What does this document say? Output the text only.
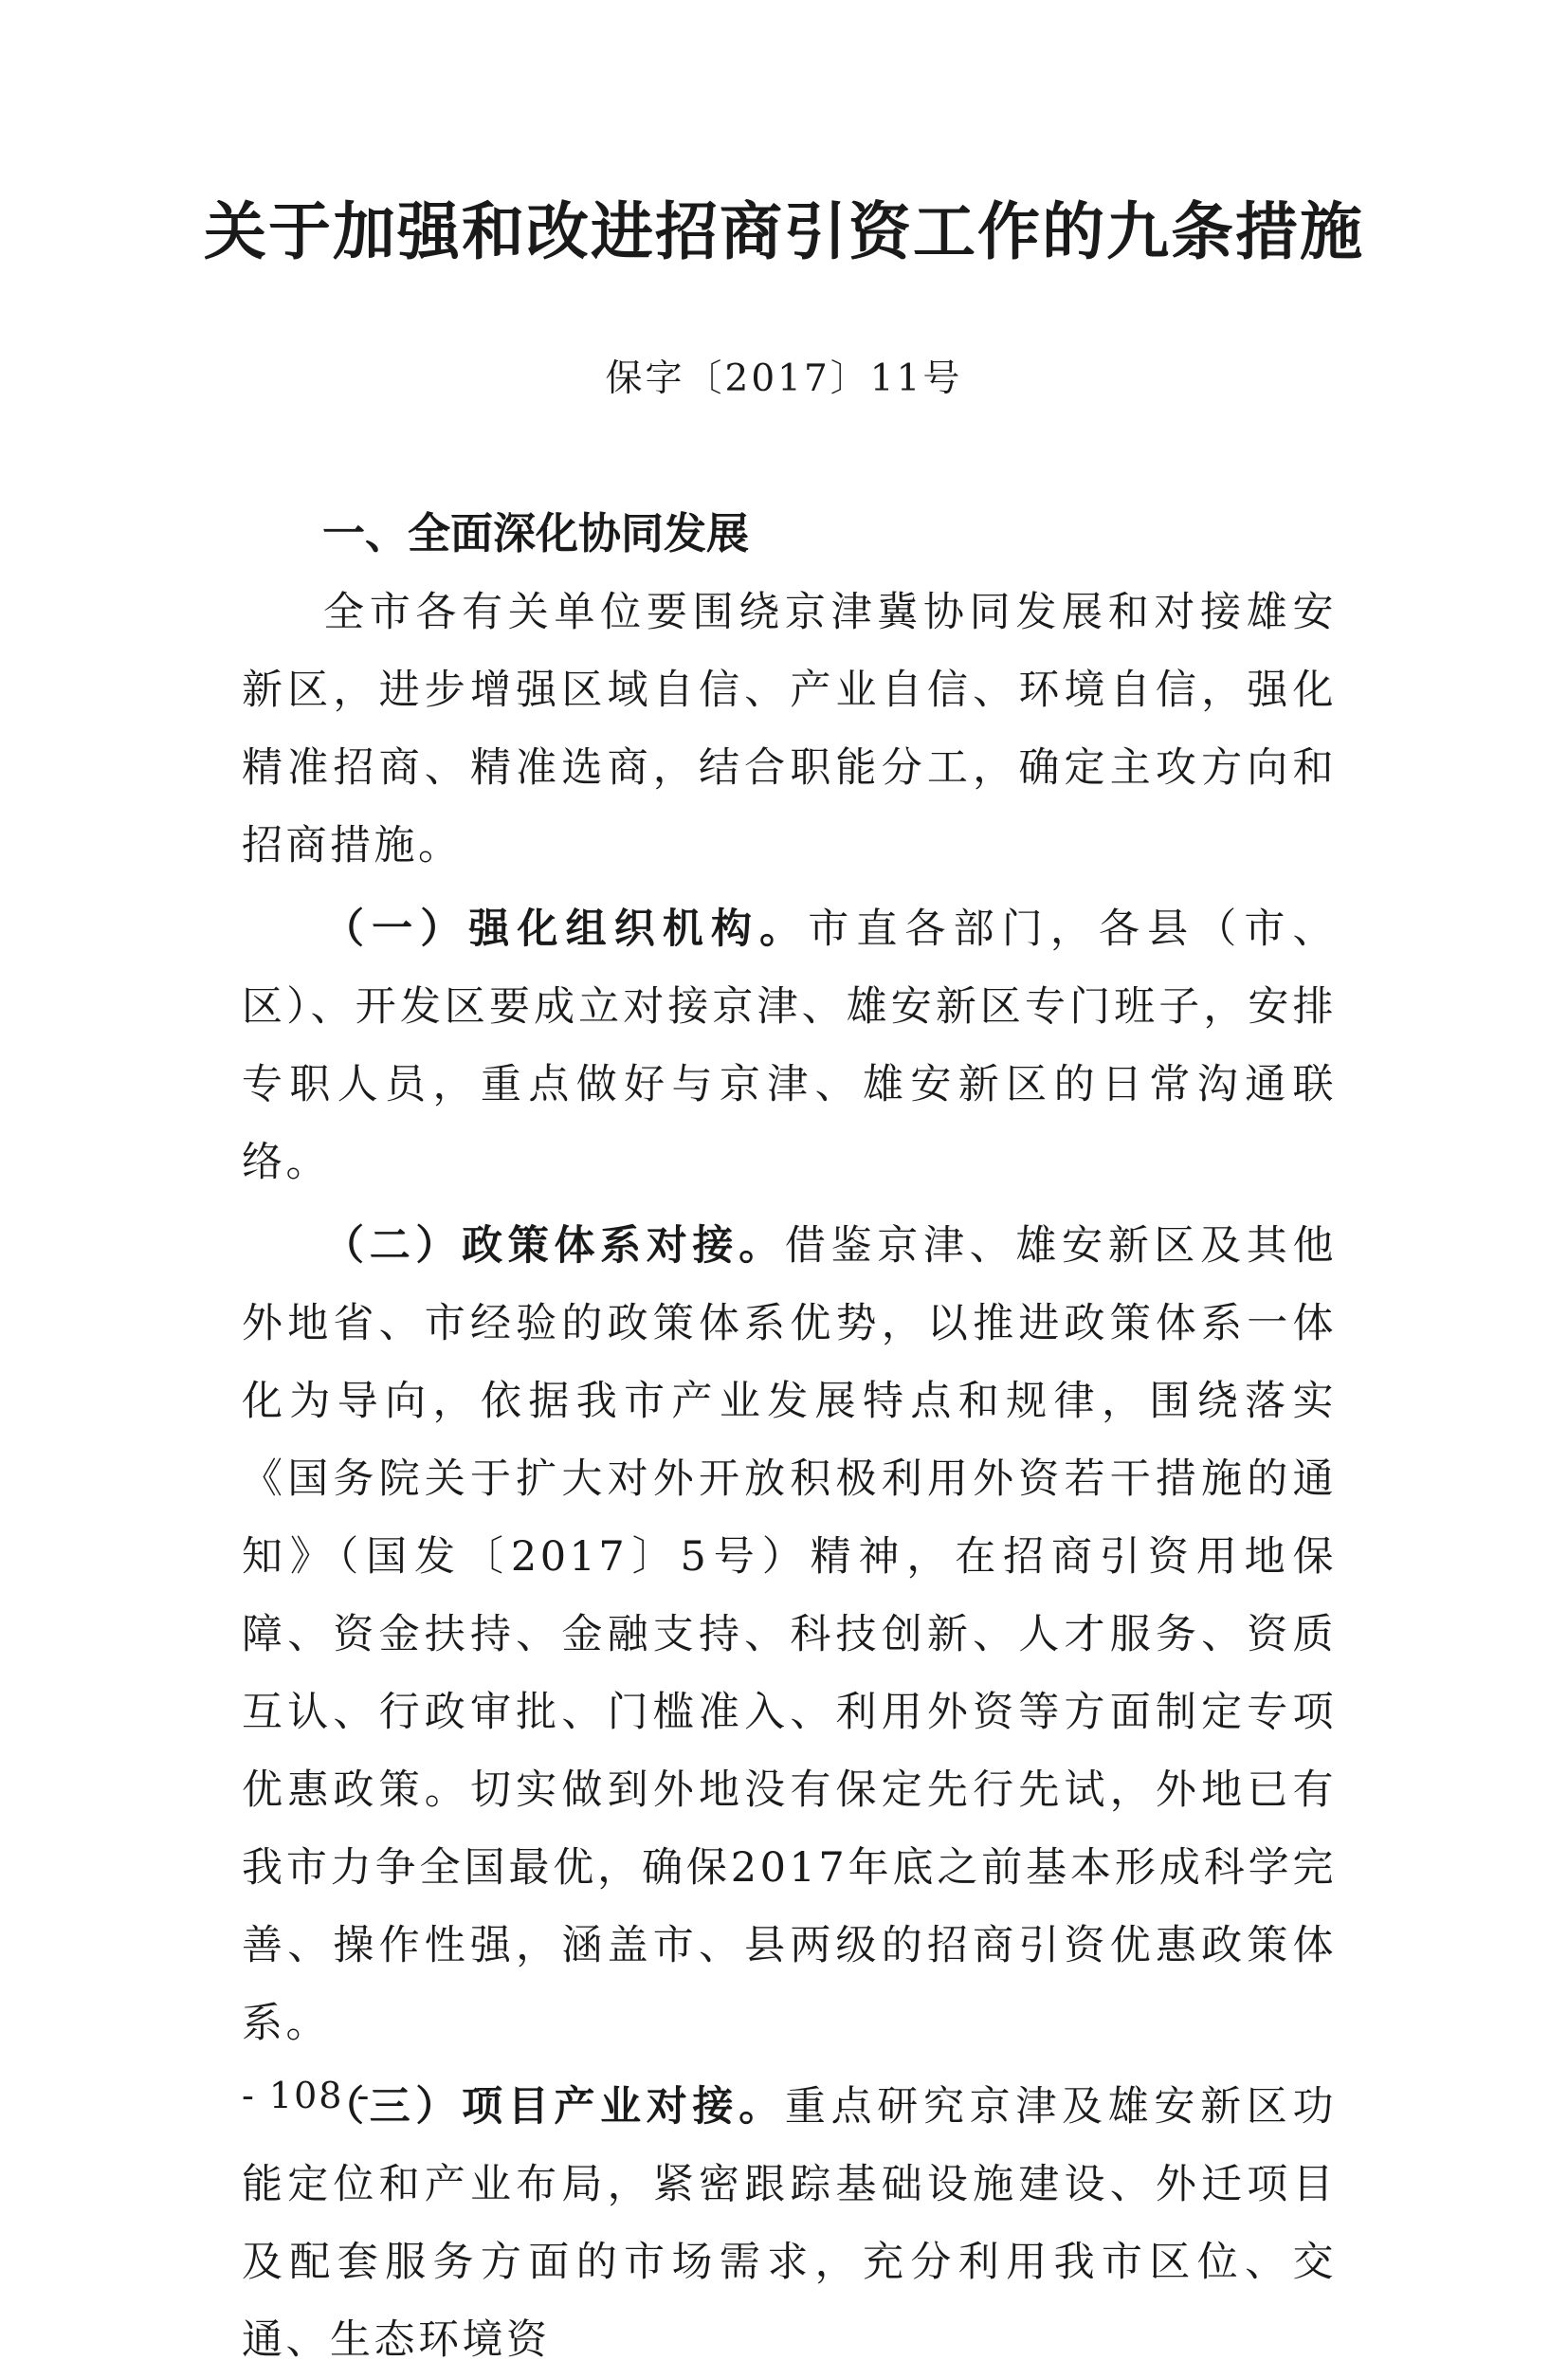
关于加强和改进招商引资工作的九条措施
保字〔2017〕11号
一、全面深化协同发展

全市各有关单位要围绕京津冀协同发展和对接雄安新区，进步增强区域自信、产业自信、环境自信，强化精准招商、精准选商，结合职能分工，确定主攻方向和招商措施。

（一）强化组织机构。市直各部门，各县（市、区）、开发区要成立对接京津、雄安新区专门班子，安排专职人员，重点做好与京津、雄安新区的日常沟通联络。

（二）政策体系对接。借鉴京津、雄安新区及其他外地省、市经验的政策体系优势，以推进政策体系一体化为导向，依据我市产业发展特点和规律，围绕落实《国务院关于扩大对外开放积极利用外资若干措施的通知》（国发〔2017〕5号）精神，在招商引资用地保障、资金扶持、金融支持、科技创新、人才服务、资质互认、行政审批、门槛准入、利用外资等方面制定专项优惠政策。切实做到外地没有保定先行先试，外地已有我市力争全国最优，确保2017年底之前基本形成科学完善、操作性强，涵盖市、县两级的招商引资优惠政策体系。

（三）项目产业对接。重点研究京津及雄安新区功能定位和产业布局，紧密跟踪基础设施建设、外迁项目及配套服务方面的市场需求，充分利用我市区位、交通、生态环境资

- 108 -
